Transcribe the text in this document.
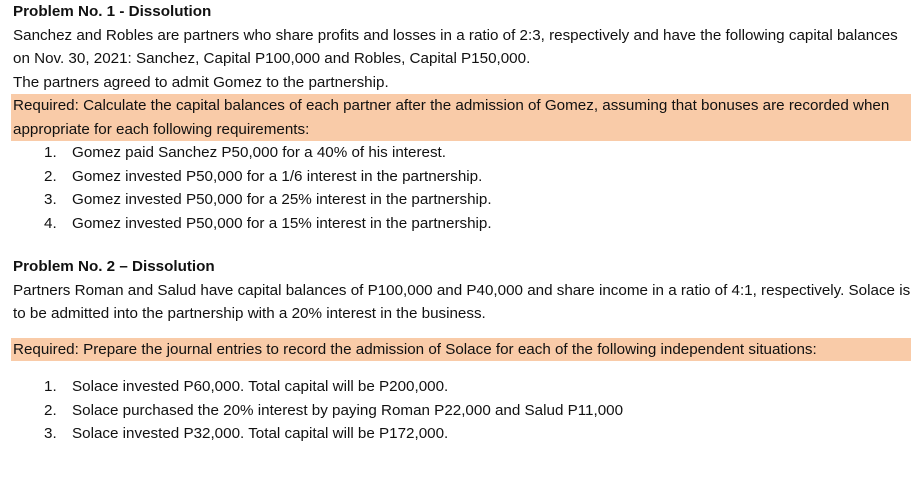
Problem No. 1 - Dissolution

Sanchez and Robles are partners who share profits and losses in a ratio of 2:3, respectively and have the following capital balances on Nov. 30, 2021: Sanchez, Capital P100,000 and Robles, Capital P150,000.

The partners agreed to admit Gomez to the partnership.

Required: Calculate the capital balances of each partner after the admission of Gomez, assuming that bonuses are recorded when appropriate for each following requirements:

1. Gomez paid Sanchez P50,000 for a 40% of his interest.
2. Gomez invested P50,000 for a 1/6 interest in the partnership.
3. Gomez invested P50,000 for a 25% interest in the partnership.
4. Gomez invested P50,000 for a 15% interest in the partnership.
Problem No. 2 – Dissolution

Partners Roman and Salud have capital balances of P100,000 and P40,000 and share income in a ratio of 4:1, respectively. Solace is to be admitted into the partnership with a 20% interest in the business.

Required: Prepare the journal entries to record the admission of Solace for each of the following independent situations:

1. Solace invested P60,000. Total capital will be P200,000.
2. Solace purchased the 20% interest by paying Roman P22,000 and Salud P11,000
3. Solace invested P32,000. Total capital will be P172,000.
